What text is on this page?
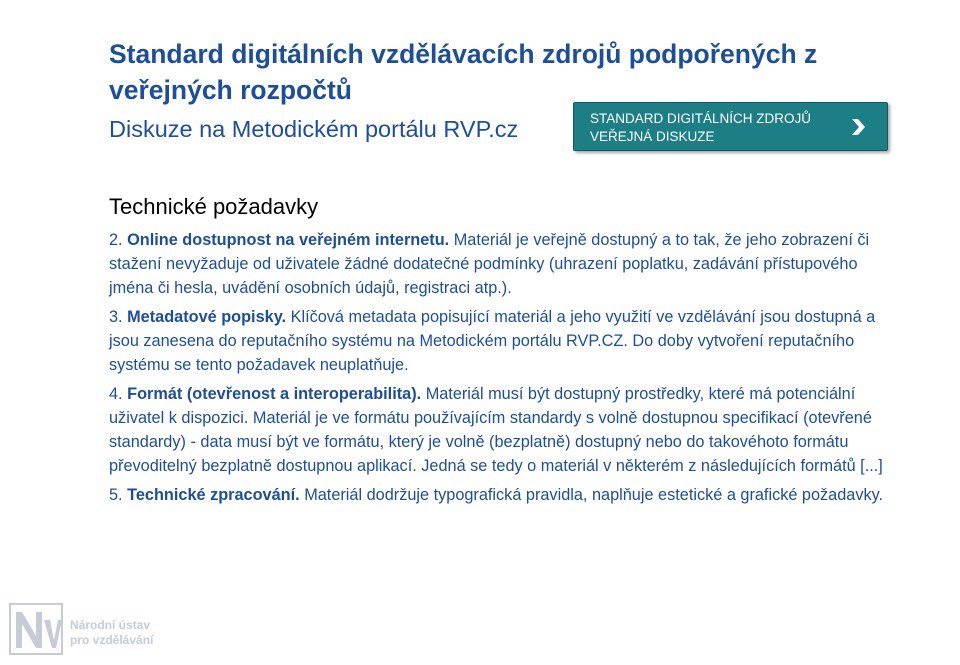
Standard digitálních vzdělávacích zdrojů podpořených z veřejných rozpočtů
Diskuze na Metodickém portálu RVP.cz	STANDARD DIGITÁLNÍCH ZDROJŮ
VEŘEJNÁ DISKUZE
Technické požadavky

2. Online dostupnost na veřejném internetu. Materiál je veřejně dostupný a to tak, že jeho zobrazení či stažení nevyžaduje od uživatele žádné dodatečné podmínky (uhrazení poplatku, zadávání přístupového jména či hesla, uvádění osobních údajů, registraci atp.).

3. Metadatové popisky. Klíčová metadata popisující materiál a jeho využití ve vzdělávání jsou dostupná a jsou zanesena do reputačního systému na Metodickém portálu RVP.CZ. Do doby vytvoření reputačního systému se tento požadavek neuplatňuje.

4. Formát (otevřenost a interoperabilita). Materiál musí být dostupný prostředky, které má potenciální uživatel k dispozici. Materiál je ve formátu používajícím standardy s volně dostupnou specifikací (otevřené standardy) - data musí být ve formátu, který je volně (bezplatně) dostupný nebo do takovéhoto formátu převoditelný bezplatně dostupnou aplikací. Jedná se tedy o materiál v některém z následujících formátů [...]

5. Technické zpracování. Materiál dodržuje typografická pravidla, naplňuje estetické a grafické požadavky.

Národní ústav
pro vzdělávání
